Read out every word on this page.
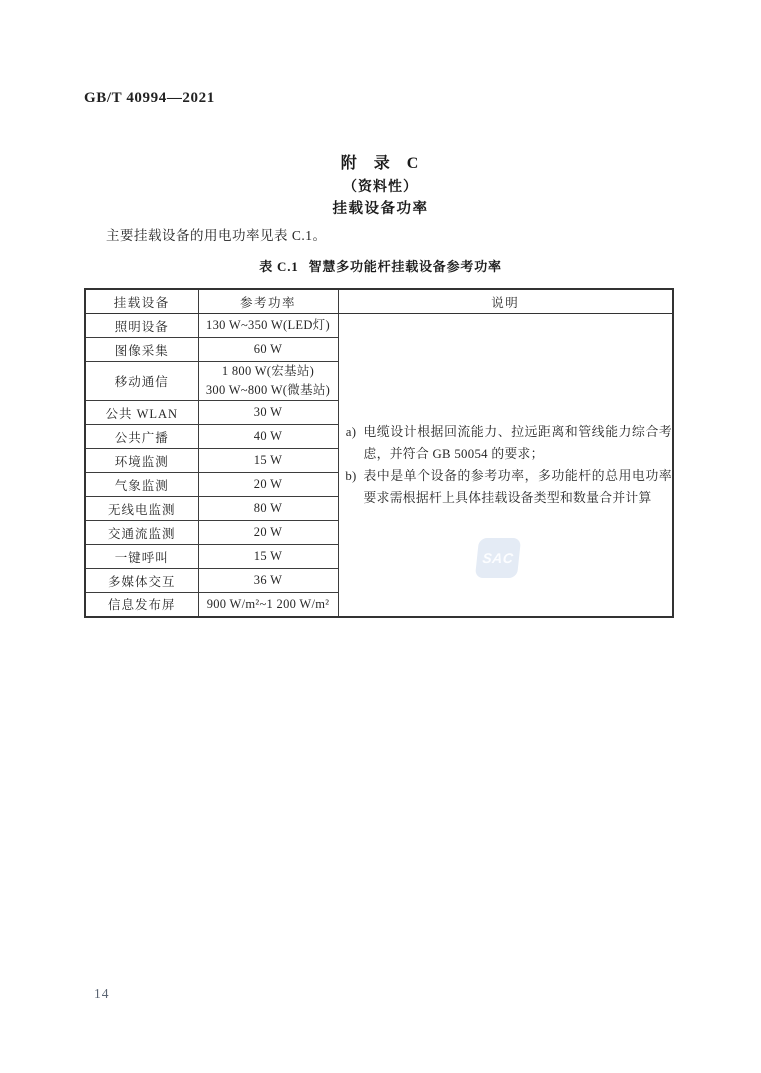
GB/T 40994—2021
附 录 C
（资料性）
挂载设备功率

主要挂载设备的用电功率见表 C.1。

表 C.1 智慧多功能杆挂载设备参考功率
挂载设备	参考功率	说明
照明设备	130 W~350 W(LED灯)	a) 电缆设计根据回流能力、拉远距离和管线能力综合考虑，并符合 GB 50054 的要求；
b) 表中是单个设备的参考功率，多功能杆的总用电功率要求需根据杆上具体挂载设备类型和数量合并计算

图像采集	60 W	
移动通信	1 800 W(宏基站)
300 W~800 W(微基站)	
公共 WLAN	30 W	
公共广播	40 W	
环境监测	15 W	
气象监测	20 W	
无线电监测	80 W	
交通流监测	20 W	
一键呼叫	15 W	
多媒体交互	36 W	
信息发布屏	900 W/m²~1 200 W/m²	
SAC
14
